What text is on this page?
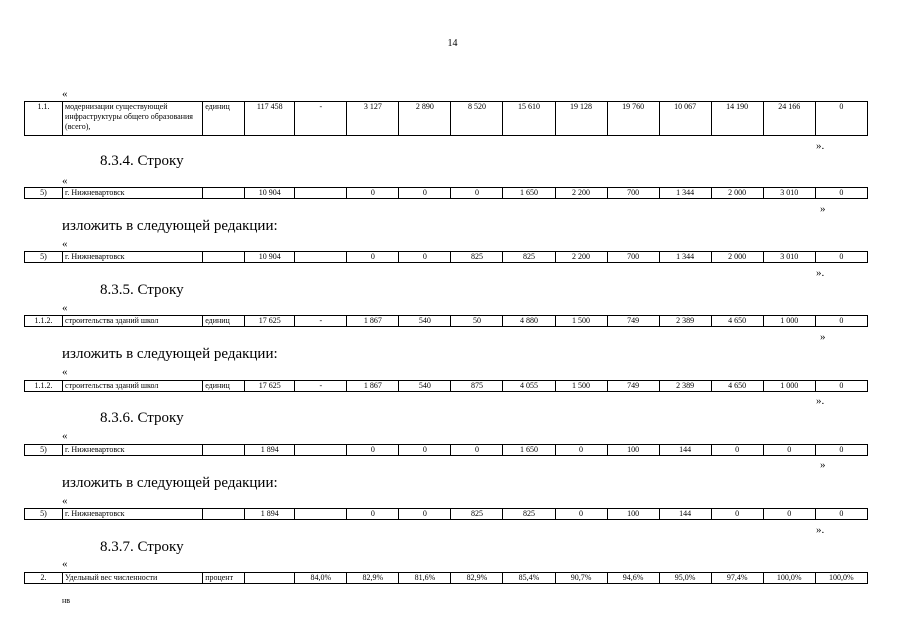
14
«
1.1.	модернизации существующей инфраструктуры общего образования (всего),	единиц	117 458	-	3 127	2 890	8 520	15 610	19 128	19 760	10 067	14 190	24 166	0
».
8.3.4. Строку
«
5)	г. Нижневартовск		10 904		0	0	0	1 650	2 200	700	1 344	2 000	3 010	0
»
изложить в следующей редакции:
«
5)	г. Нижневартовск		10 904		0	0	825	825	2 200	700	1 344	2 000	3 010	0
».
8.3.5. Строку
«
1.1.2.	строительства зданий школ	единиц	17 625	-	1 867	540	50	4 880	1 500	749	2 389	4 650	1 000	0
»
изложить в следующей редакции:
«
1.1.2.	строительства зданий школ	единиц	17 625	-	1 867	540	875	4 055	1 500	749	2 389	4 650	1 000	0
».
8.3.6. Строку
«
5)	г. Нижневартовск		1 894		0	0	0	1 650	0	100	144	0	0	0
»
изложить в следующей редакции:
«
5)	г. Нижневартовск		1 894		0	0	825	825	0	100	144	0	0	0
».
8.3.7. Строку
«
2.	Удельный вес численности	процент		84,0%	82,9%	81,6%	82,9%	85,4%	90,7%	94,6%	95,0%	97,4%	100,0%	100,0%
нв
